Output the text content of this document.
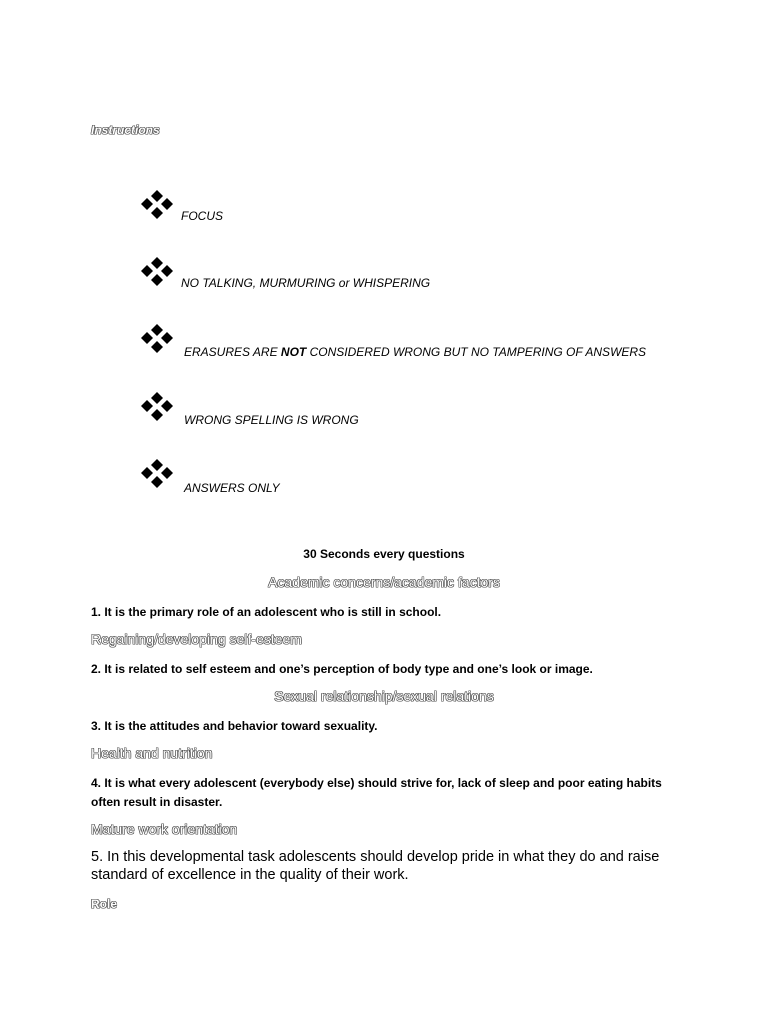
Instructions
FOCUS
NO TALKING, MURMURING or WHISPERING
ERASURES ARE NOT CONSIDERED WRONG BUT NO TAMPERING OF ANSWERS
WRONG SPELLING IS WRONG
ANSWERS ONLY
30 Seconds every questions
Academic concerns/academic factors
1. It is the primary role of an adolescent who is still in school.
Regaining/developing self-esteem
2. It is related to self esteem and one’s perception of body type and one’s look or image.
Sexual relationship/sexual relations
3. It is the attitudes and behavior toward sexuality.
Health and nutrition
4. It is what every adolescent (everybody else) should strive for, lack of sleep and poor eating habits often result in disaster.
Mature work orientation
5. In this developmental task adolescents should develop pride in what they do and raise standard of excellence in the quality of their work.
Role
